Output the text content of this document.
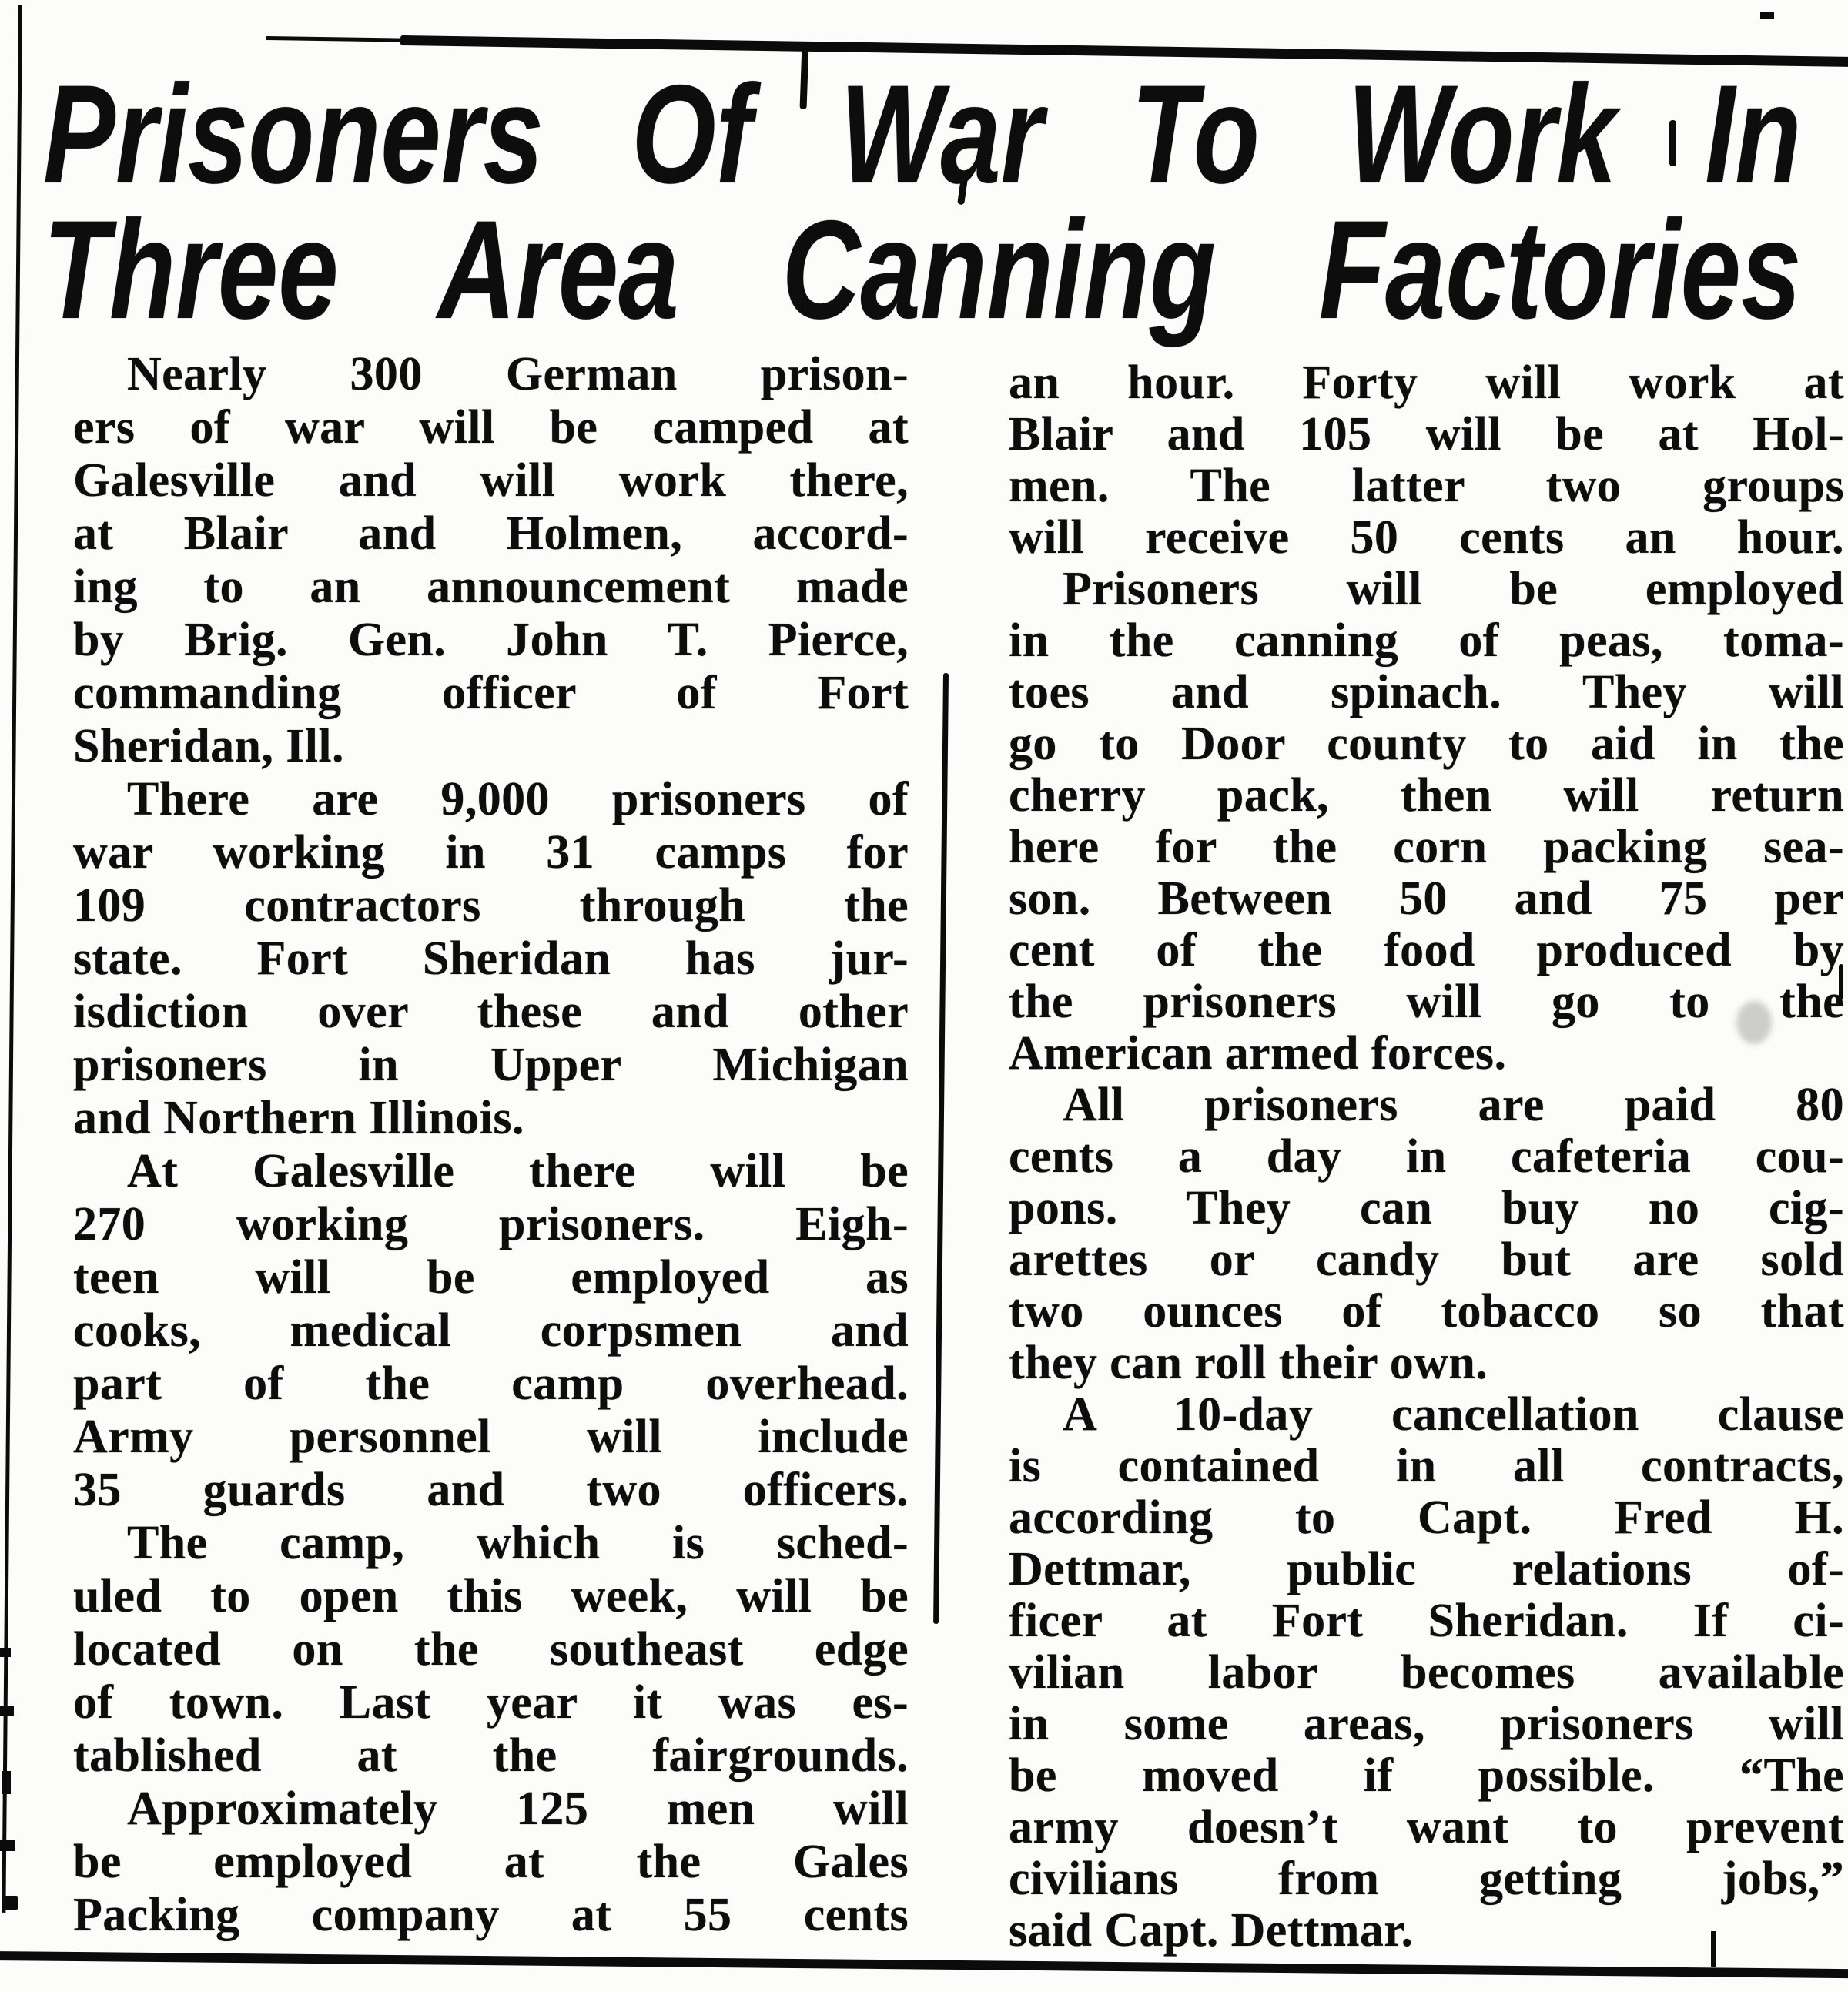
Prisoners Of War To Work In
Three Area Canning Factories
Nearly 300 German prison-
ers of war will be camped at
Galesville and will work there,
at Blair and Holmen, accord-
ing to an announcement made
by Brig. Gen. John T. Pierce,
commanding officer of Fort
Sheridan, Ill.
There are 9,000 prisoners of
war working in 31 camps for
109 contractors through the
state. Fort Sheridan has jur-
isdiction over these and other
prisoners in Upper Michigan
and Northern Illinois.
At Galesville there will be
270 working prisoners. Eigh-
teen will be employed as
cooks, medical corpsmen and
part of the camp overhead.
Army personnel will include
35 guards and two officers.
The camp, which is sched-
uled to open this week, will be
located on the southeast edge
of town. Last year it was es-
tablished at the fairgrounds.
Approximately 125 men will
be employed at the Gales
Packing company at 55 cents
an hour. Forty will work at
Blair and 105 will be at Hol-
men. The latter two groups
will receive 50 cents an hour.
Prisoners will be employed
in the canning of peas, toma-
toes and spinach. They will
go to Door county to aid in the
cherry pack, then will return
here for the corn packing sea-
son. Between 50 and 75 per
cent of the food produced by
the prisoners will go to the
American armed forces.
All prisoners are paid 80
cents a day in cafeteria cou-
pons. They can buy no cig-
arettes or candy but are sold
two ounces of tobacco so that
they can roll their own.
A 10-day cancellation clause
is contained in all contracts,
according to Capt. Fred H.
Dettmar, public relations of-
ficer at Fort Sheridan. If ci-
vilian labor becomes available
in some areas, prisoners will
be moved if possible. “The
army doesn’t want to prevent
civilians from getting jobs,”
said Capt. Dettmar.
